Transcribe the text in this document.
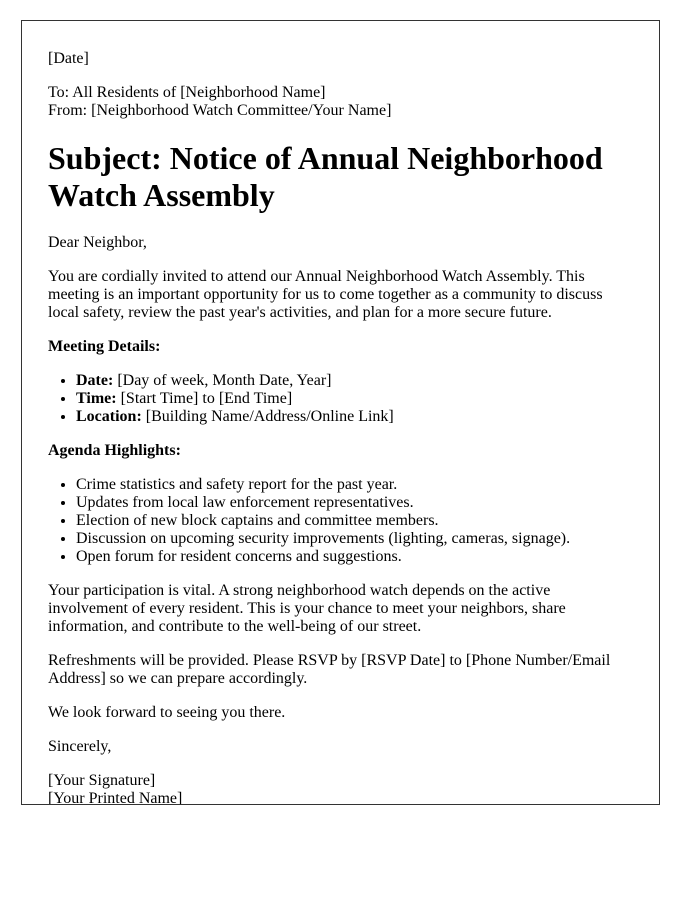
[Date]

To: All Residents of [Neighborhood Name]
From: [Neighborhood Watch Committee/Your Name]

Subject: Notice of Annual Neighborhood Watch Assembly

Dear Neighbor,

You are cordially invited to attend our Annual Neighborhood Watch Assembly. This meeting is an important opportunity for us to come together as a community to discuss local safety, review the past year's activities, and plan for a more secure future.

Meeting Details:

• Date: [Day of week, Month Date, Year]
• Time: [Start Time] to [End Time]
• Location: [Building Name/Address/Online Link]

Agenda Highlights:

• Crime statistics and safety report for the past year.
• Updates from local law enforcement representatives.
• Election of new block captains and committee members.
• Discussion on upcoming security improvements (lighting, cameras, signage).
• Open forum for resident concerns and suggestions.

Your participation is vital. A strong neighborhood watch depends on the active involvement of every resident. This is your chance to meet your neighbors, share information, and contribute to the well-being of our street.

Refreshments will be provided. Please RSVP by [RSVP Date] to [Phone Number/Email Address] so we can prepare accordingly.

We look forward to seeing you there.

Sincerely,

[Your Signature]
[Your Printed Name]
